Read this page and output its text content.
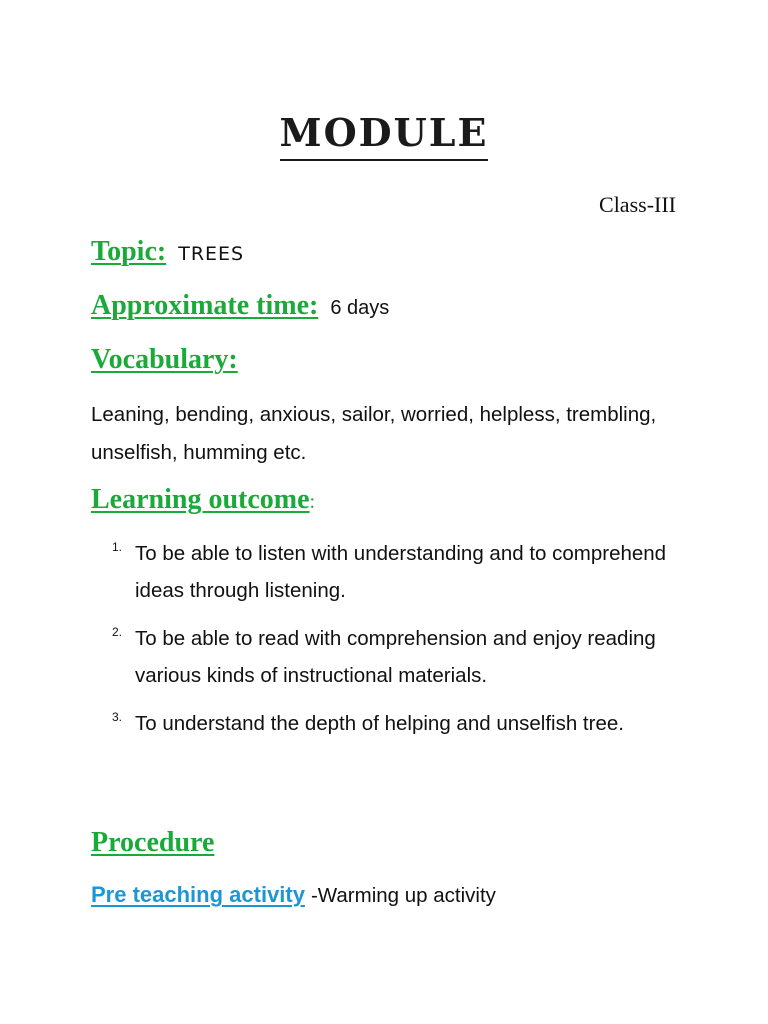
MODULE
Class-III
Topic: TREES
Approximate time: 6 days
Vocabulary:
Leaning, bending, anxious, sailor, worried, helpless, trembling, unselfish, humming etc.
Learning outcome :
1. To be able to listen with understanding and to comprehend ideas through listening.
2. To be able to read with comprehension and enjoy reading various kinds of instructional materials.
3. To understand the depth of helping and unselfish tree.
Procedure
Pre teaching activity -Warming up activity
